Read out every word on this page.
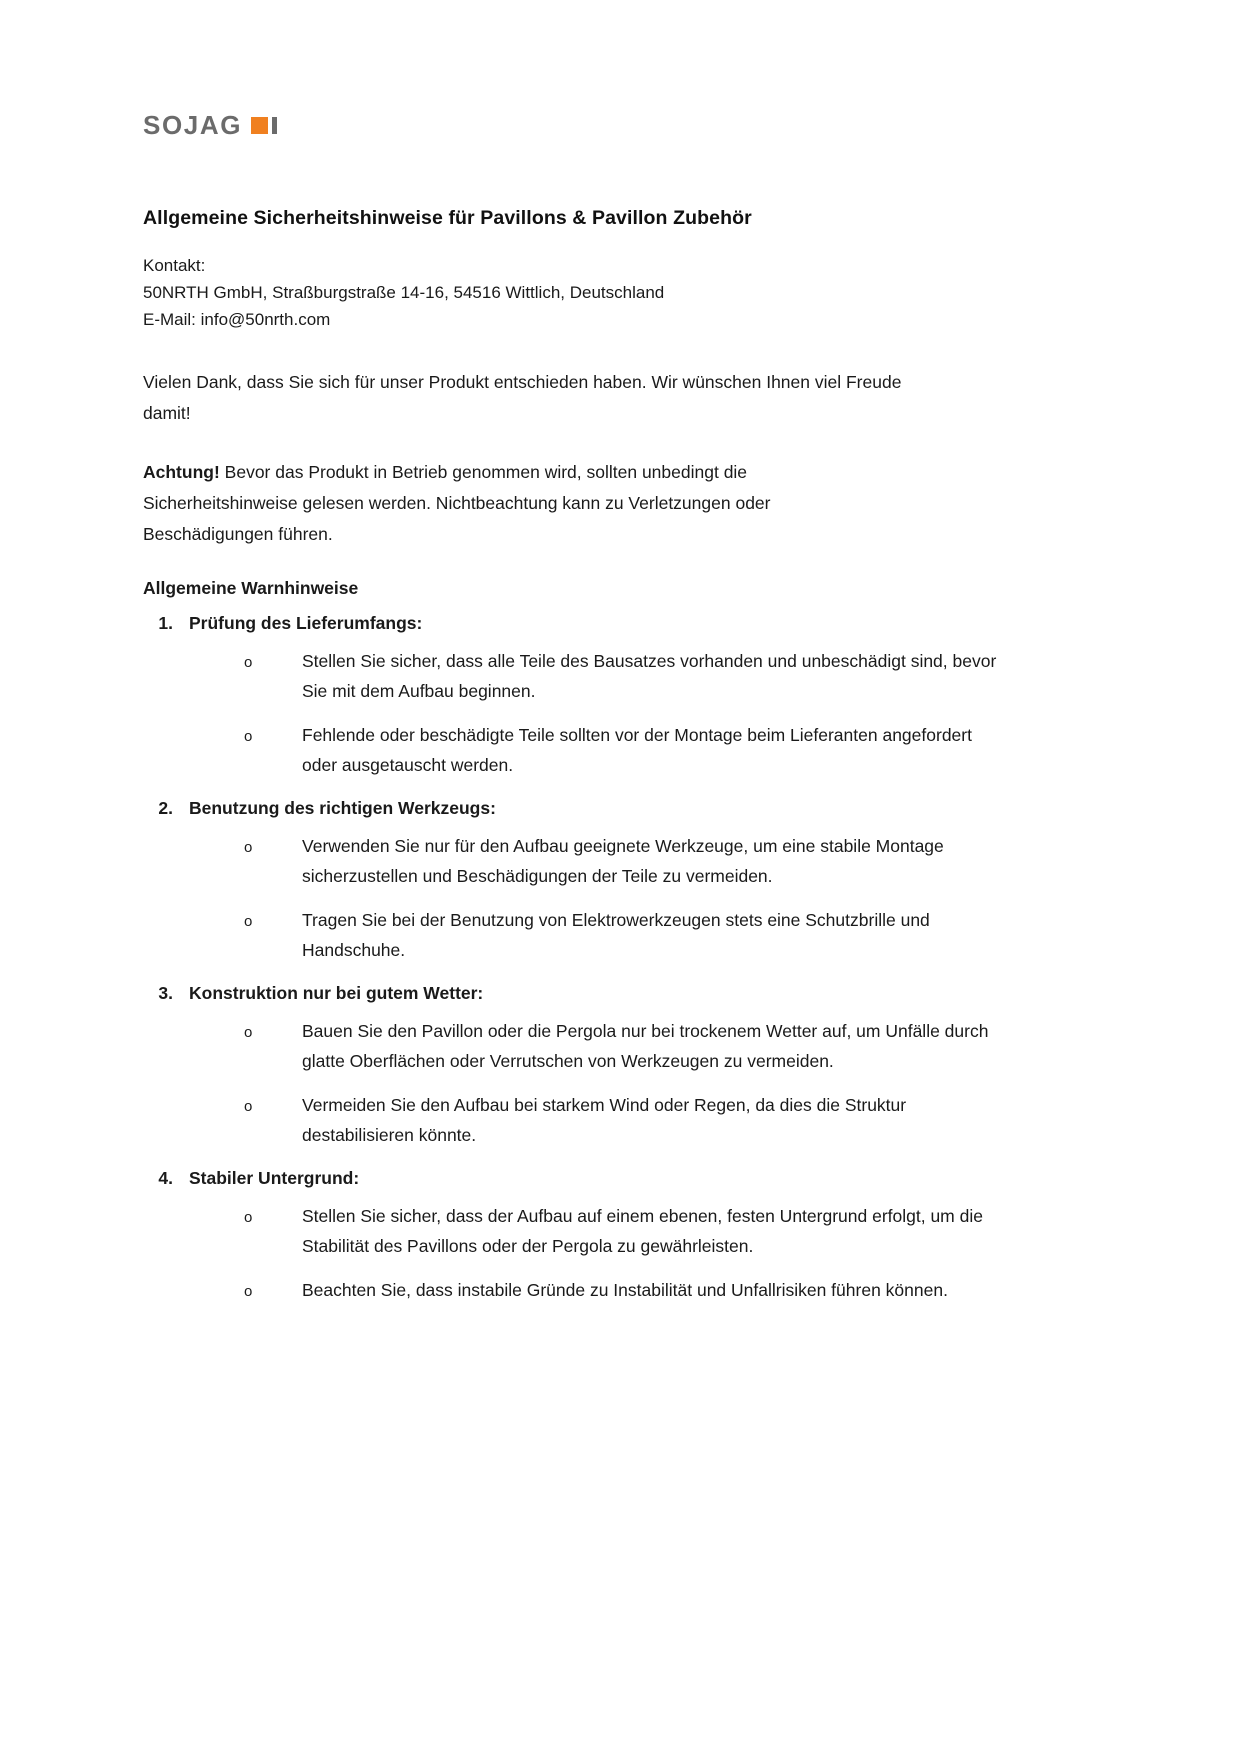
SOJAG
Allgemeine Sicherheitshinweise für Pavillons & Pavillon Zubehör
Kontakt:
50NRTH GmbH, Straßburgstraße 14-16, 54516 Wittlich, Deutschland
E-Mail: info@50nrth.com

Vielen Dank, dass Sie sich für unser Produkt entschieden haben. Wir wünschen Ihnen viel Freude damit!

Achtung! Bevor das Produkt in Betrieb genommen wird, sollten unbedingt die Sicherheitshinweise gelesen werden. Nichtbeachtung kann zu Verletzungen oder Beschädigungen führen.

Allgemeine Warnhinweise
1 .	Prüfung des Lieferumfangs:
o	Stellen Sie sicher, dass alle Teile des Bausatzes vorhanden und unbeschädigt sind, bevor Sie mit dem Aufbau beginnen.
o	Fehlende oder beschädigte Teile sollten vor der Montage beim Lieferanten angefordert oder ausgetauscht werden.
2 .	Benutzung des richtigen Werkzeugs:
o	Verwenden Sie nur für den Aufbau geeignete Werkzeuge, um eine stabile Montage sicherzustellen und Beschädigungen der Teile zu vermeiden.
o	Tragen Sie bei der Benutzung von Elektrowerkzeugen stets eine Schutzbrille und Handschuhe.
3 .	Konstruktion nur bei gutem Wetter:
o	Bauen Sie den Pavillon oder die Pergola nur bei trockenem Wetter auf, um Unfälle durch glatte Oberflächen oder Verrutschen von Werkzeugen zu vermeiden.
o	Vermeiden Sie den Aufbau bei starkem Wind oder Regen, da dies die Struktur destabilisieren könnte.
4 .	Stabiler Untergrund:
o	Stellen Sie sicher, dass der Aufbau auf einem ebenen, festen Untergrund erfolgt, um die Stabilität des Pavillons oder der Pergola zu gewährleisten.
o	Beachten Sie, dass instabile Gründe zu Instabilität und Unfallrisiken führen können.
